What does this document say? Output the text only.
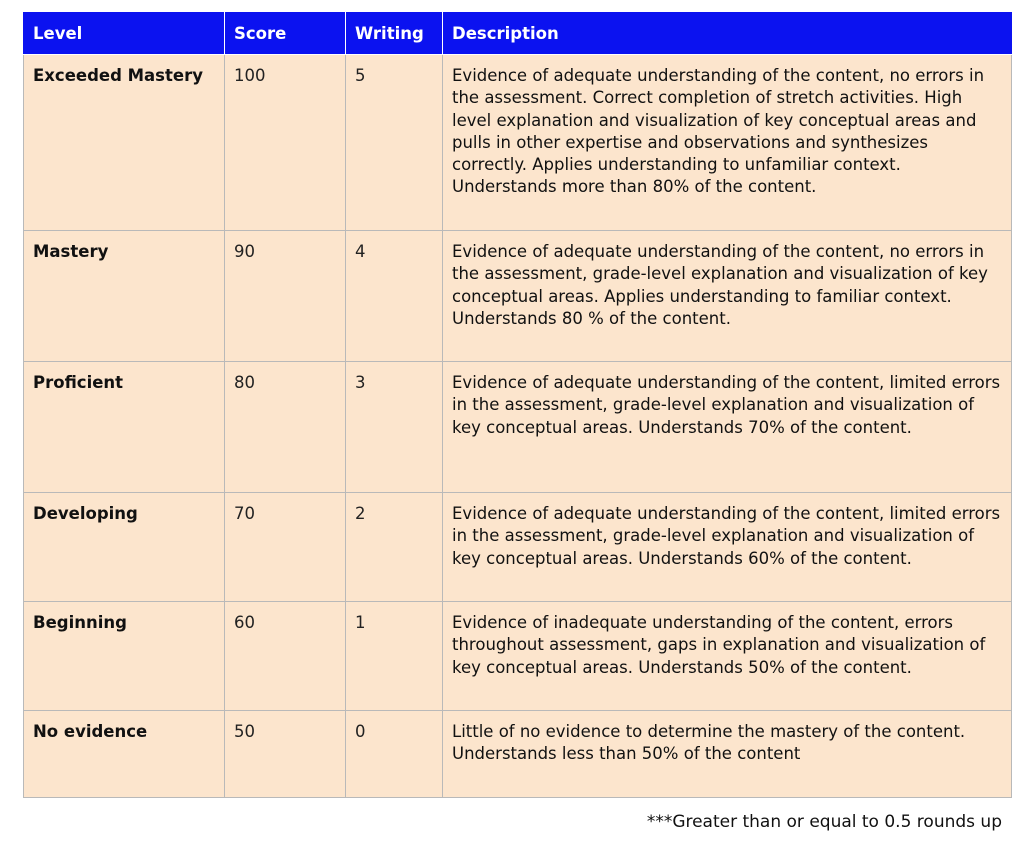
Level	Score	Writing	Description
Exceeded Mastery	100	5	Evidence of adequate understanding of the content, no errors in the assessment. Correct completion of stretch activities. High level explanation and visualization of key conceptual areas and pulls in other expertise and observations and synthesizes correctly. Applies understanding to unfamiliar context. Understands more than 80% of the content.
Mastery	90	4	Evidence of adequate understanding of the content, no errors in the assessment, grade-level explanation and visualization of key conceptual areas. Applies understanding to familiar context. Understands 80 % of the content.
Proficient	80	3	Evidence of adequate understanding of the content, limited errors in the assessment, grade-level explanation and visualization of key conceptual areas. Understands 70% of the content.
Developing	70	2	Evidence of adequate understanding of the content, limited errors in the assessment, grade-level explanation and visualization of key conceptual areas. Understands 60% of the content.
Beginning	60	1	Evidence of inadequate understanding of the content, errors throughout assessment, gaps in explanation and visualization of key conceptual areas. Understands 50% of the content.
No evidence	50	0	Little of no evidence to determine the mastery of the content. Understands less than 50% of the content
***Greater than or equal to 0.5 rounds up
